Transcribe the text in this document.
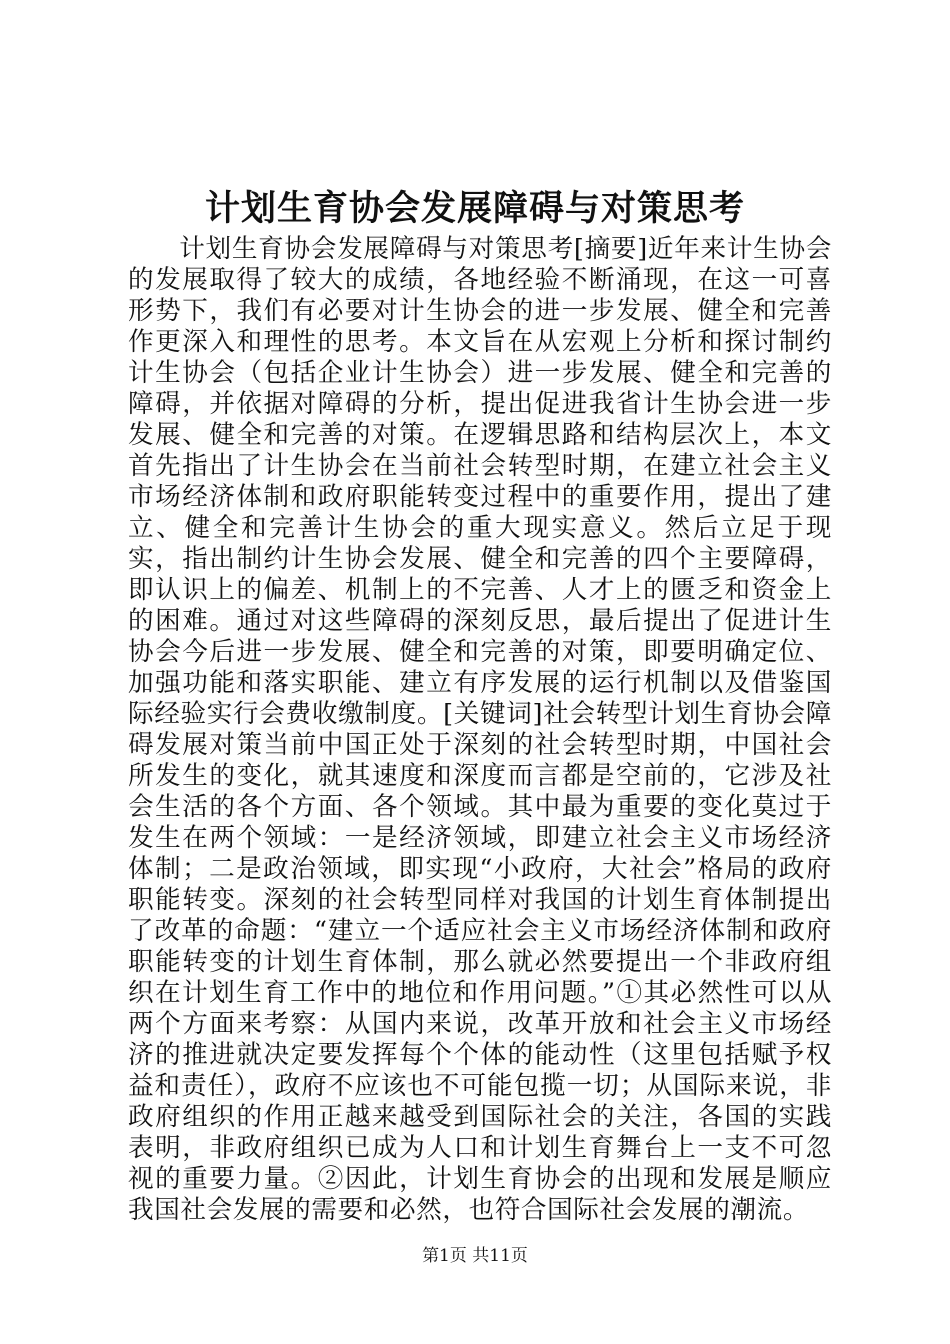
计划生育协会发展障碍与对策思考
计划生育协会发展障碍与对策思考[摘要]近年来计生协会的发展取得了较大的成绩，各地经验不断涌现，在这一可喜形势下，我们有必要对计生协会的进一步发展、健全和完善作更深入和理性的思考。本文旨在从宏观上分析和探讨制约计生协会（包括企业计生协会）进一步发展、健全和完善的障碍，并依据对障碍的分析，提出促进我省计生协会进一步发展、健全和完善的对策。在逻辑思路和结构层次上，本文首先指出了计生协会在当前社会转型时期，在建立社会主义市场经济体制和政府职能转变过程中的重要作用，提出了建立、健全和完善计生协会的重大现实意义。然后立足于现实，指出制约计生协会发展、健全和完善的四个主要障碍，即认识上的偏差、机制上的不完善、人才上的匮乏和资金上的困难。通过对这些障碍的深刻反思，最后提出了促进计生协会今后进一步发展、健全和完善的对策，即要明确定位、加强功能和落实职能、建立有序发展的运行机制以及借鉴国际经验实行会费收缴制度。[关键词]社会转型计划生育协会障碍发展对策当前中国正处于深刻的社会转型时期，中国社会所发生的变化，就其速度和深度而言都是空前的，它涉及社会生活的各个方面、各个领域。其中最为重要的变化莫过于发生在两个领域：一是经济领域，即建立社会主义市场经济体制；二是政治领域，即实现“小政府，大社会”格局的政府职能转变。深刻的社会转型同样对我国的计划生育体制提出了改革的命题：“建立一个适应社会主义市场经济体制和政府职能转变的计划生育体制，那么就必然要提出一个非政府组织在计划生育工作中的地位和作用问题。”①其必然性可以从两个方面来考察：从国内来说，改革开放和社会主义市场经济的推进就决定要发挥每个个体的能动性（这里包括赋予权益和责任），政府不应该也不可能包揽一切；从国际来说，非政府组织的作用正越来越受到国际社会的关注，各国的实践表明，非政府组织已成为人口和计划生育舞台上一支不可忽视的重要力量。②因此，计划生育协会的出现和发展是顺应我国社会发展的需要和必然，也符合国际社会发展的潮流。
第1页 共11页
